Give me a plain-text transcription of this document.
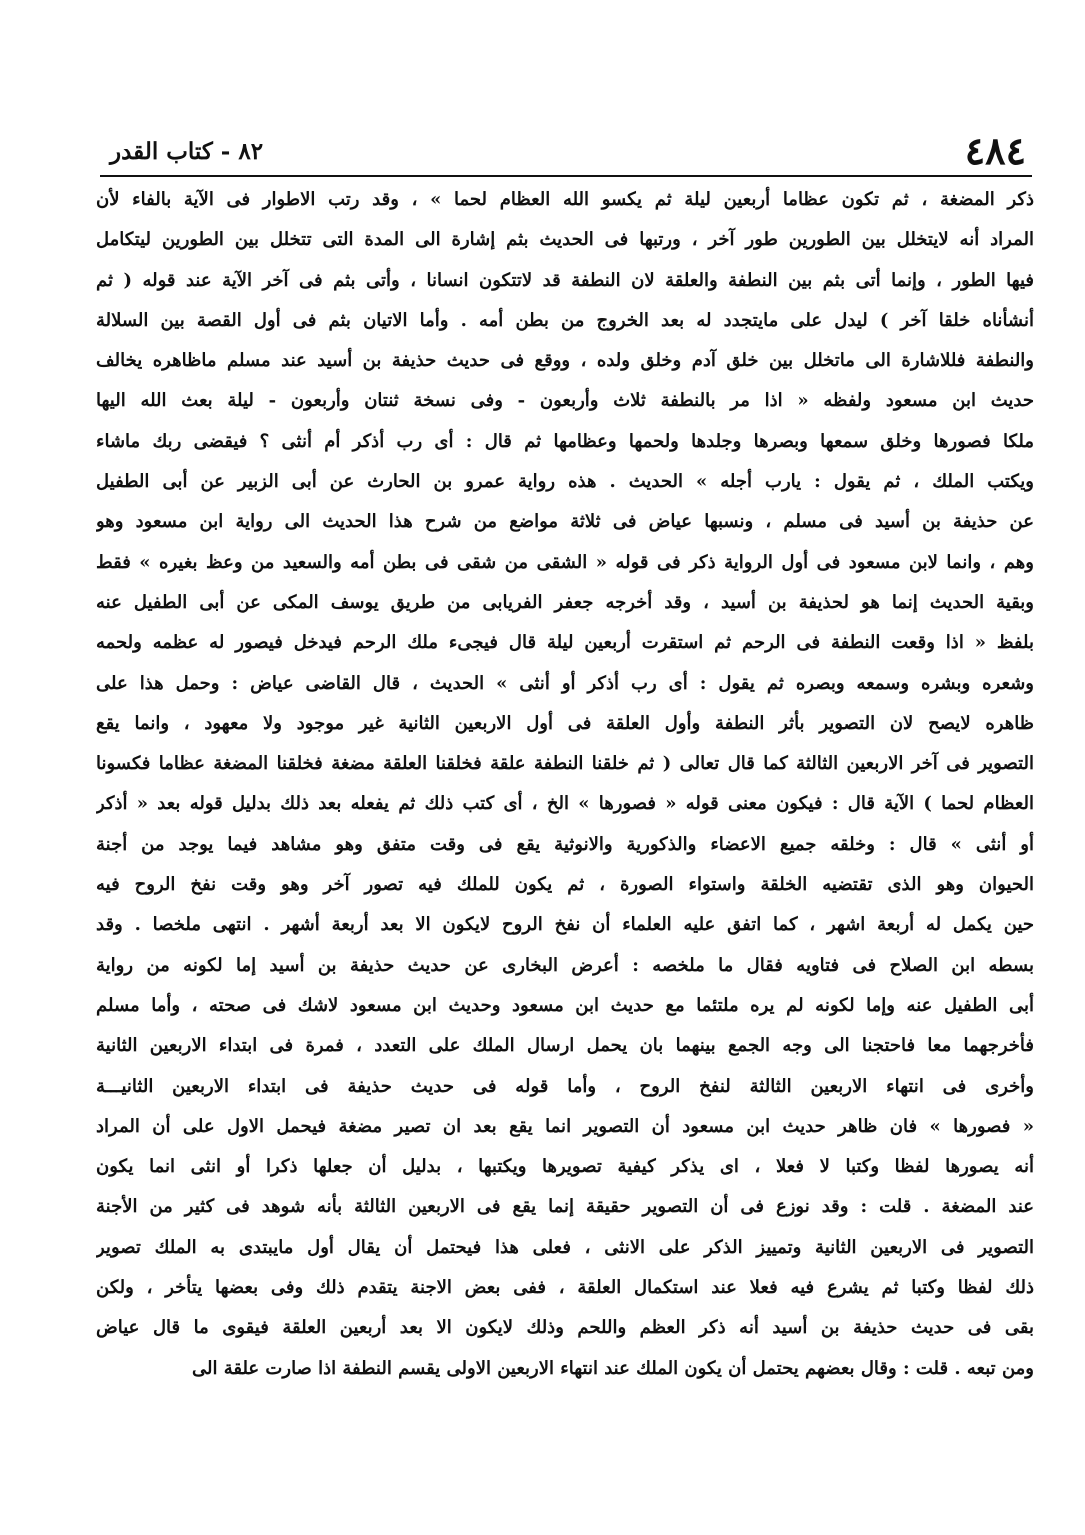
٤٨٤
٨٢ - كتاب القدر
ذكر المضغة ، ثم تكون عظاما أربعين ليلة ثم يكسو الله العظام لحما » ، وقد رتب الاطوار فى الآية بالفاء لأن
المراد أنه لايتخلل بين الطورين طور آخر ، ورتبها فى الحديث بثم إشارة الى المدة التى تتخلل بين الطورين ليتكامل
فيها الطور ، وإنما أتى بثم بين النطفة والعلقة لان النطفة قد لاتتكون انسانا ، وأتى بثم فى آخر الآية عند قوله ( ثم
أنشأناه خلقا آخر ) ليدل على مايتجدد له بعد الخروج من بطن أمه . وأما الاتيان بثم فى أول القصة بين السلالة
والنطفة فللاشارة الى ماتخلل بين خلق آدم وخلق ولده ، ووقع فى حديث حذيفة بن أسيد عند مسلم ماظاهره يخالف
حديث ابن مسعود ولفظه « اذا مر بالنطفة ثلاث وأربعون - وفى نسخة ثنتان وأربعون - ليلة بعث الله اليها
ملكا فصورها وخلق سمعها وبصرها وجلدها ولحمها وعظامها ثم قال : أى رب أذكر أم أنثى ؟ فيقضى ربك ماشاء
ويكتب الملك ، ثم يقول : يارب أجله » الحديث . هذه رواية عمرو بن الحارث عن أبى الزبير عن أبى الطفيل
عن حذيفة بن أسيد فى مسلم ، ونسبها عياض فى ثلاثة مواضع من شرح هذا الحديث الى رواية ابن مسعود وهو
وهم ، وانما لابن مسعود فى أول الرواية ذكر فى قوله « الشقى من شقى فى بطن أمه والسعيد من وعظ بغيره » فقط
وبقية الحديث إنما هو لحذيفة بن أسيد ، وقد أخرجه جعفر الفريابى من طريق يوسف المكى عن أبى الطفيل عنه
بلفظ « اذا وقعت النطفة فى الرحم ثم استقرت أربعين ليلة قال فيجىء ملك الرحم فيدخل فيصور له عظمه ولحمه
وشعره وبشره وسمعه وبصره ثم يقول : أى رب أذكر أو أنثى » الحديث ، قال القاضى عياض : وحمل هذا على
ظاهره لايصح لان التصوير بأثر النطفة وأول العلقة فى أول الاربعين الثانية غير موجود ولا معهود ، وانما يقع
التصوير فى آخر الاربعين الثالثة كما قال تعالى ( ثم خلقنا النطفة علقة فخلقنا العلقة مضغة فخلقنا المضغة عظاما فكسونا
العظام لحما ) الآية قال : فيكون معنى قوله « فصورها » الخ ، أى كتب ذلك ثم يفعله بعد ذلك بدليل قوله بعد « أذكر
أو أنثى » قال : وخلقه جميع الاعضاء والذكورية والانوثية يقع فى وقت متفق وهو مشاهد فيما يوجد من أجنة
الحيوان وهو الذى تقتضيه الخلقة واستواء الصورة ، ثم يكون للملك فيه تصور آخر وهو وقت نفخ الروح فيه
حين يكمل له أربعة اشهر ، كما اتفق عليه العلماء أن نفخ الروح لايكون الا بعد أربعة أشهر . انتهى ملخصا . وقد
بسطه ابن الصلاح فى فتاويه فقال ما ملخصه : أعرض البخارى عن حديث حذيفة بن أسيد إما لكونه من رواية
أبى الطفيل عنه وإما لكونه لم يره ملتئما مع حديث ابن مسعود وحديث ابن مسعود لاشك فى صحته ، وأما مسلم
فأخرجهما معا فاحتجنا الى وجه الجمع بينهما بان يحمل ارسال الملك على التعدد ، فمرة فى ابتداء الاربعين الثانية
وأخرى فى انتهاء الاربعين الثالثة لنفخ الروح ، وأما قوله فى حديث حذيفة فى ابتداء الاربعين الثانيـــة
« فصورها » فان ظاهر حديث ابن مسعود أن التصوير انما يقع بعد ان تصير مضغة فيحمل الاول على أن المراد
أنه يصورها لفظا وكتبا لا فعلا ، اى يذكر كيفية تصويرها ويكتبها ، بدليل أن جعلها ذكرا أو انثى انما يكون
عند المضغة . قلت : وقد نوزع فى أن التصوير حقيقة إنما يقع فى الاربعين الثالثة بأنه شوهد فى كثير من الأجنة
التصوير فى الاربعين الثانية وتمييز الذكر على الانثى ، فعلى هذا فيحتمل أن يقال أول مايبتدى به الملك تصوير
ذلك لفظا وكتبا ثم يشرع فيه فعلا عند استكمال العلقة ، ففى بعض الاجنة يتقدم ذلك وفى بعضها يتأخر ، ولكن
بقى فى حديث حذيفة بن أسيد أنه ذكر العظم واللحم وذلك لايكون الا بعد أربعين العلقة فيقوى ما قال عياض
ومن تبعه . قلت : وقال بعضهم يحتمل أن يكون الملك عند انتهاء الاربعين الاولى يقسم النطفة اذا صارت علقة الى
